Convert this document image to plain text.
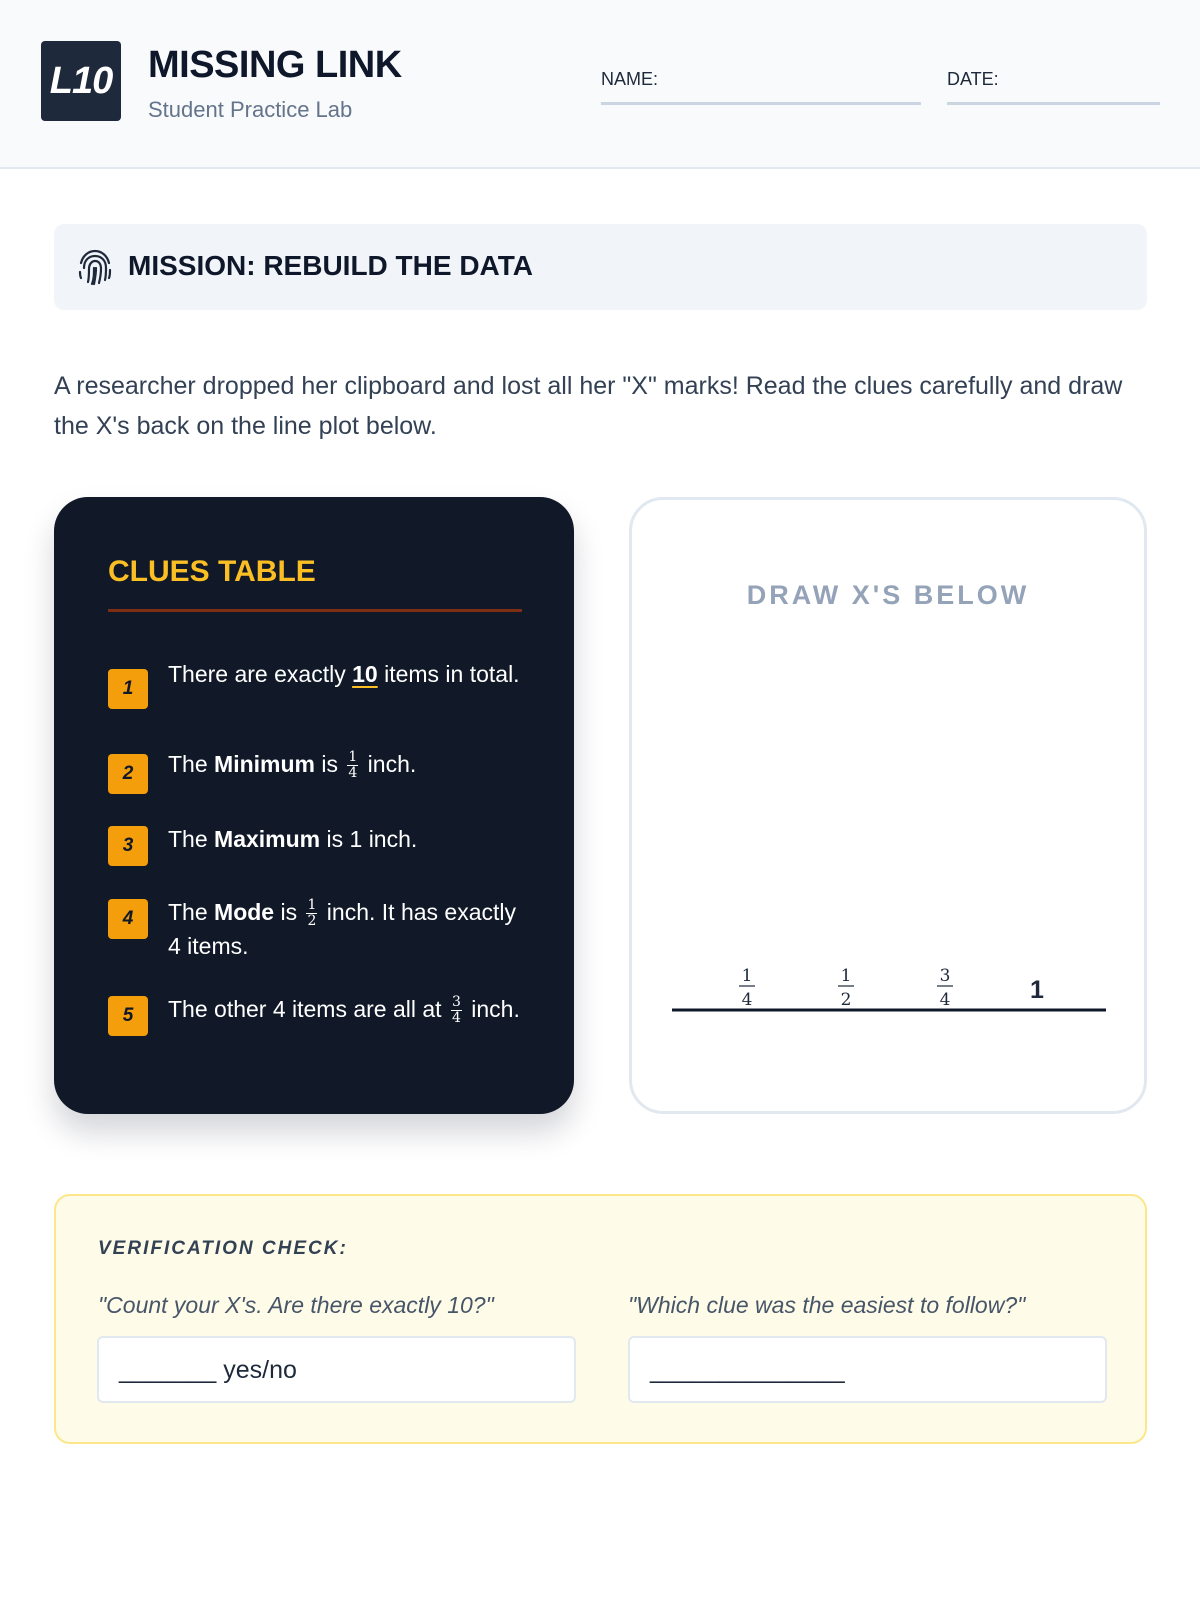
L10 MISSING LINK
Student Practice Lab
NAME:	DATE:
MISSION: REBUILD THE DATA

A researcher dropped her clipboard and lost all her "X" marks! Read the clues carefully and draw the X's back on the line plot below.

CLUES TABLE
1
There are exactly 10 items in total.
2	The Minimum is $\frac{1}{4}$ inch.
3	The Maximum is 1 inch.
4	The Mode is $\frac{1}{2}$ inch. It has exactly 4 items.
5	The other 4 items are all at $\frac{3}{4}$ inch.
DRAW X'S BELOW
1
4
1
2
3
4	1
VERIFICATION CHECK:
"Count your X's. Are there exactly 10?"	"Which clue was the easiest to follow?"
_______ yes/no	______________
